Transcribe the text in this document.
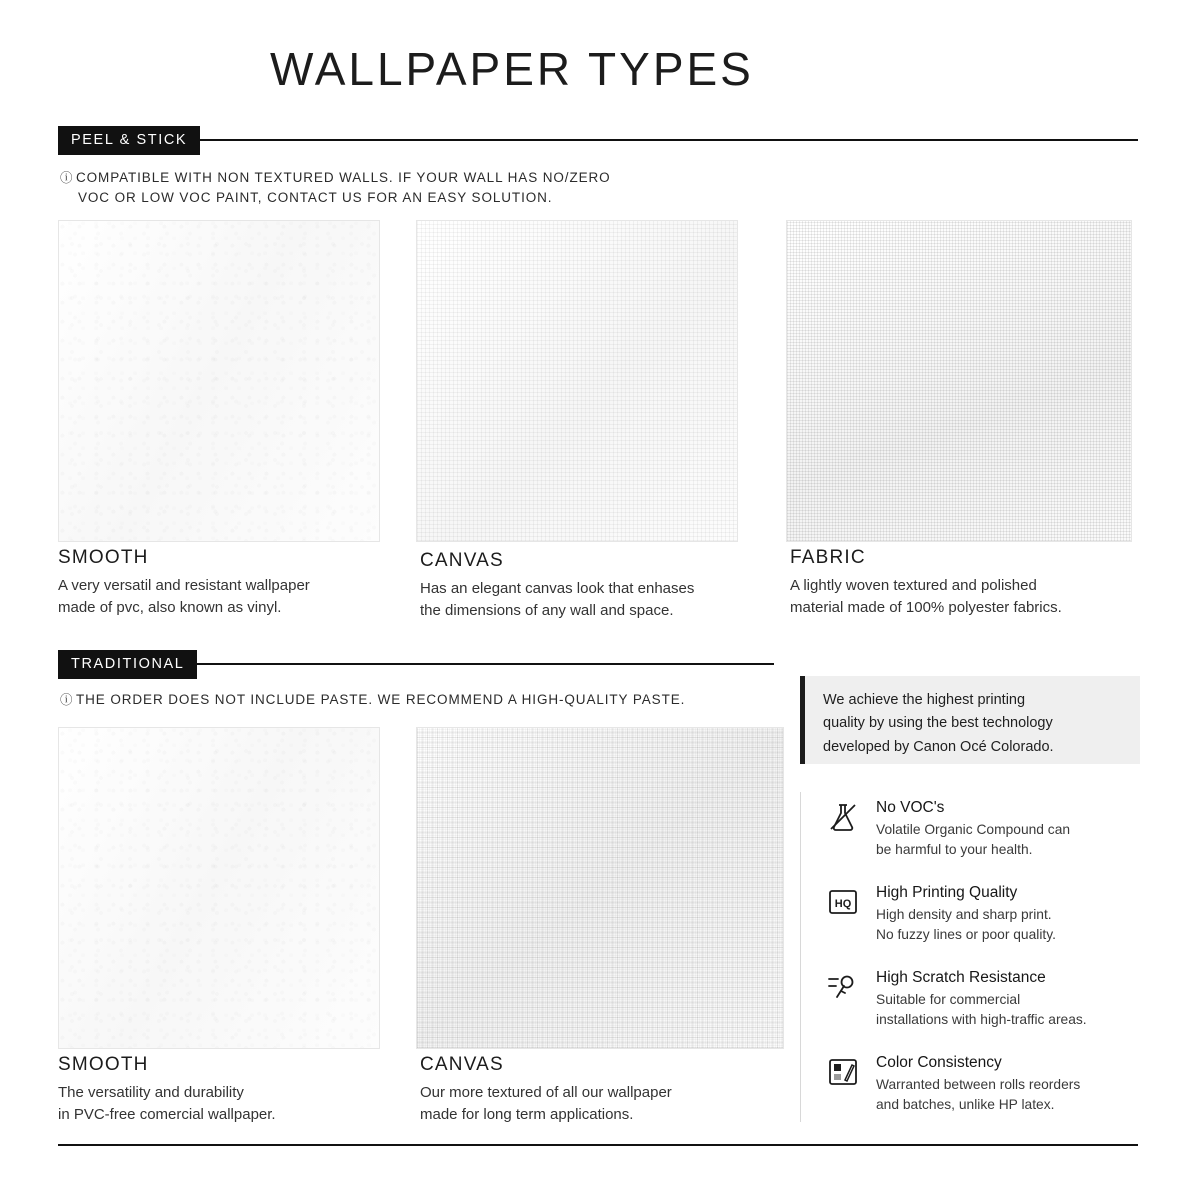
WALLPAPER TYPES
PEEL & STICK
ⓘ COMPATIBLE WITH NON TEXTURED WALLS. IF YOUR WALL HAS NO/ZERO
VOC OR LOW VOC PAINT, CONTACT US FOR AN EASY SOLUTION.
SMOOTH
A very versatil and resistant wallpaper
made of pvc, also known as vinyl.
CANVAS
Has an elegant canvas look that enhases
the dimensions of any wall and space.
FABRIC
A lightly woven textured and polished
material made of 100% polyester fabrics.
TRADITIONAL
ⓘ THE ORDER DOES NOT INCLUDE PASTE. WE RECOMMEND A HIGH-QUALITY PASTE.
SMOOTH
The versatility and durability
in PVC-free comercial wallpaper.
CANVAS
Our more textured of all our wallpaper
made for long term applications.

We achieve the highest printing

quality by using the best technology

developed by Canon Océ Colorado.

No VOC's
Volatile Organic Compound can
be harmful to your health.
HQ
High Printing Quality
High density and sharp print.
No fuzzy lines or poor quality.
High Scratch Resistance
Suitable for commercial
installations with high-traffic areas.
Color Consistency
Warranted between rolls reorders
and batches, unlike HP latex.
